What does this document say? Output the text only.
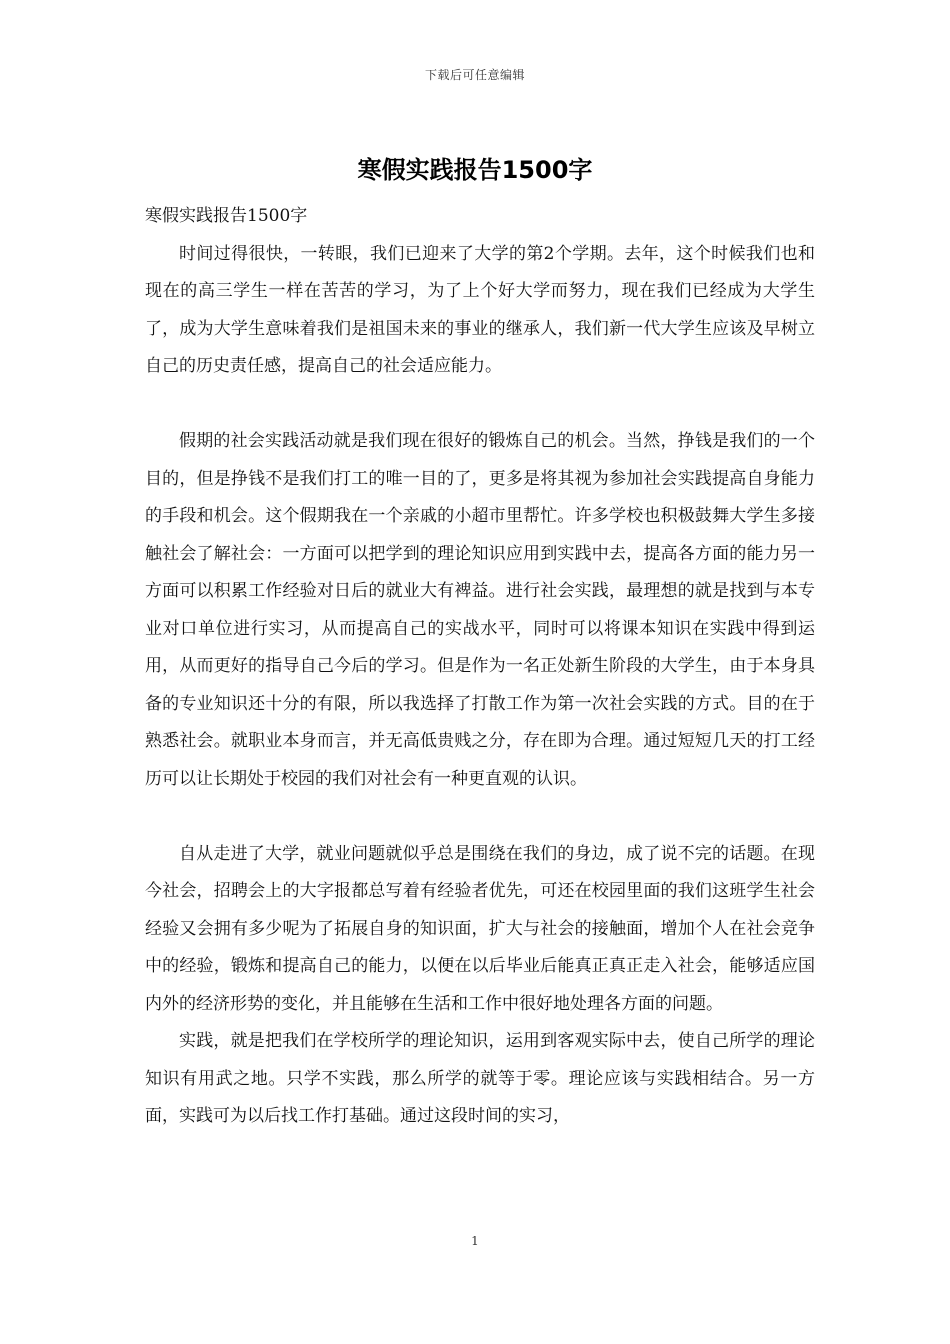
下载后可任意编辑
寒假实践报告1500字

寒假实践报告1500字

时间过得很快，一转眼，我们已迎来了大学的第2个学期。去年，这个时候我们也和现在的高三学生一样在苦苦的学习，为了上个好大学而努力，现在我们已经成为大学生了，成为大学生意味着我们是祖国未来的事业的继承人，我们新一代大学生应该及早树立自己的历史责任感，提高自己的社会适应能力。

假期的社会实践活动就是我们现在很好的锻炼自己的机会。当然，挣钱是我们的一个目的，但是挣钱不是我们打工的唯一目的了，更多是将其视为参加社会实践提高自身能力的手段和机会。这个假期我在一个亲戚的小超市里帮忙。许多学校也积极鼓舞大学生多接触社会了解社会：一方面可以把学到的理论知识应用到实践中去，提高各方面的能力另一方面可以积累工作经验对日后的就业大有裨益。进行社会实践，最理想的就是找到与本专业对口单位进行实习，从而提高自己的实战水平，同时可以将课本知识在实践中得到运用，从而更好的指导自己今后的学习。但是作为一名正处新生阶段的大学生，由于本身具备的专业知识还十分的有限，所以我选择了打散工作为第一次社会实践的方式。目的在于熟悉社会。就职业本身而言，并无高低贵贱之分，存在即为合理。通过短短几天的打工经历可以让长期处于校园的我们对社会有一种更直观的认识。

自从走进了大学，就业问题就似乎总是围绕在我们的身边，成了说不完的话题。在现今社会，招聘会上的大字报都总写着有经验者优先，可还在校园里面的我们这班学生社会经验又会拥有多少呢为了拓展自身的知识面，扩大与社会的接触面，增加个人在社会竞争中的经验，锻炼和提高自己的能力，以便在以后毕业后能真正真正走入社会，能够适应国内外的经济形势的变化，并且能够在生活和工作中很好地处理各方面的问题。

实践，就是把我们在学校所学的理论知识，运用到客观实际中去，使自己所学的理论知识有用武之地。只学不实践，那么所学的就等于零。理论应该与实践相结合。另一方面，实践可为以后找工作打基础。通过这段时间的实习，

1
